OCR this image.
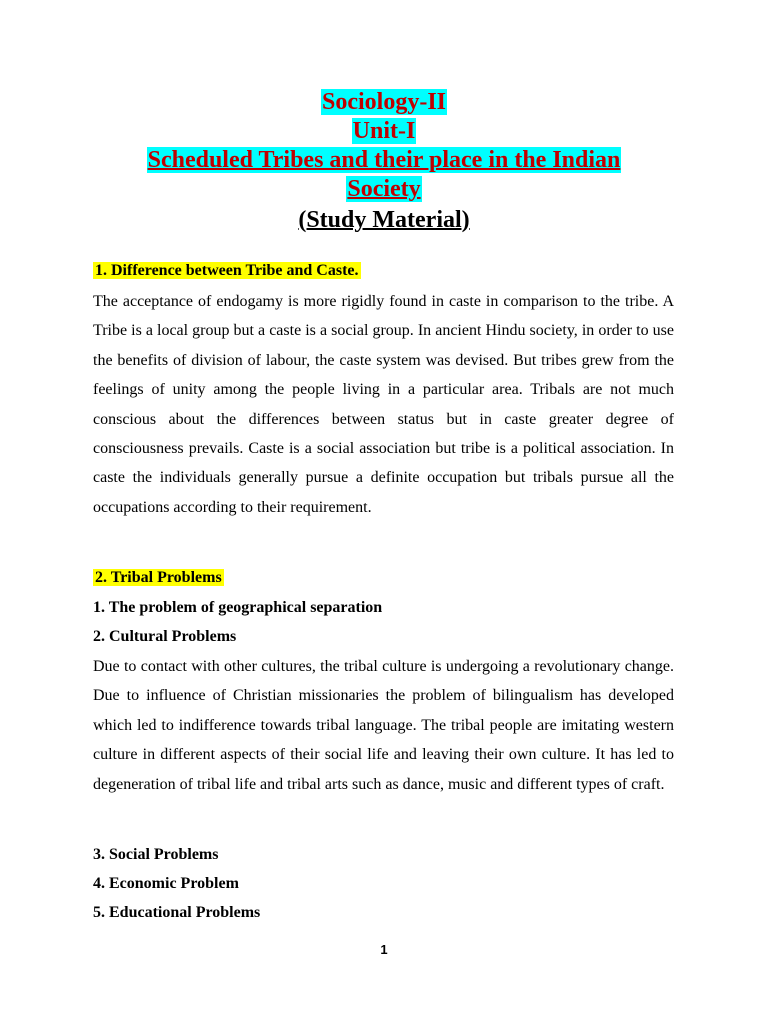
Sociology-II
Unit-I
Scheduled Tribes and their place in the Indian
Society
(Study Material)
1. Difference between Tribe and Caste.
The acceptance of endogamy is more rigidly found in caste in comparison to the tribe. A Tribe is a local group but a caste is a social group. In ancient Hindu society, in order to use the benefits of division of labour, the caste system was devised. But tribes grew from the feelings of unity among the people living in a particular area. Tribals are not much conscious about the differences between status but in caste greater degree of consciousness prevails. Caste is a social association but tribe is a political association. In caste the individuals generally pursue a definite occupation but tribals pursue all the occupations according to their requirement.
2. Tribal Problems
1. The problem of geographical separation
2. Cultural Problems
Due to contact with other cultures, the tribal culture is undergoing a revolutionary change. Due to influence of Christian missionaries the problem of bilingualism has developed which led to indifference towards tribal language. The tribal people are imitating western culture in different aspects of their social life and leaving their own culture. It has led to degeneration of tribal life and tribal arts such as dance, music and different types of craft.
3. Social Problems
4. Economic Problem
5. Educational Problems
1
